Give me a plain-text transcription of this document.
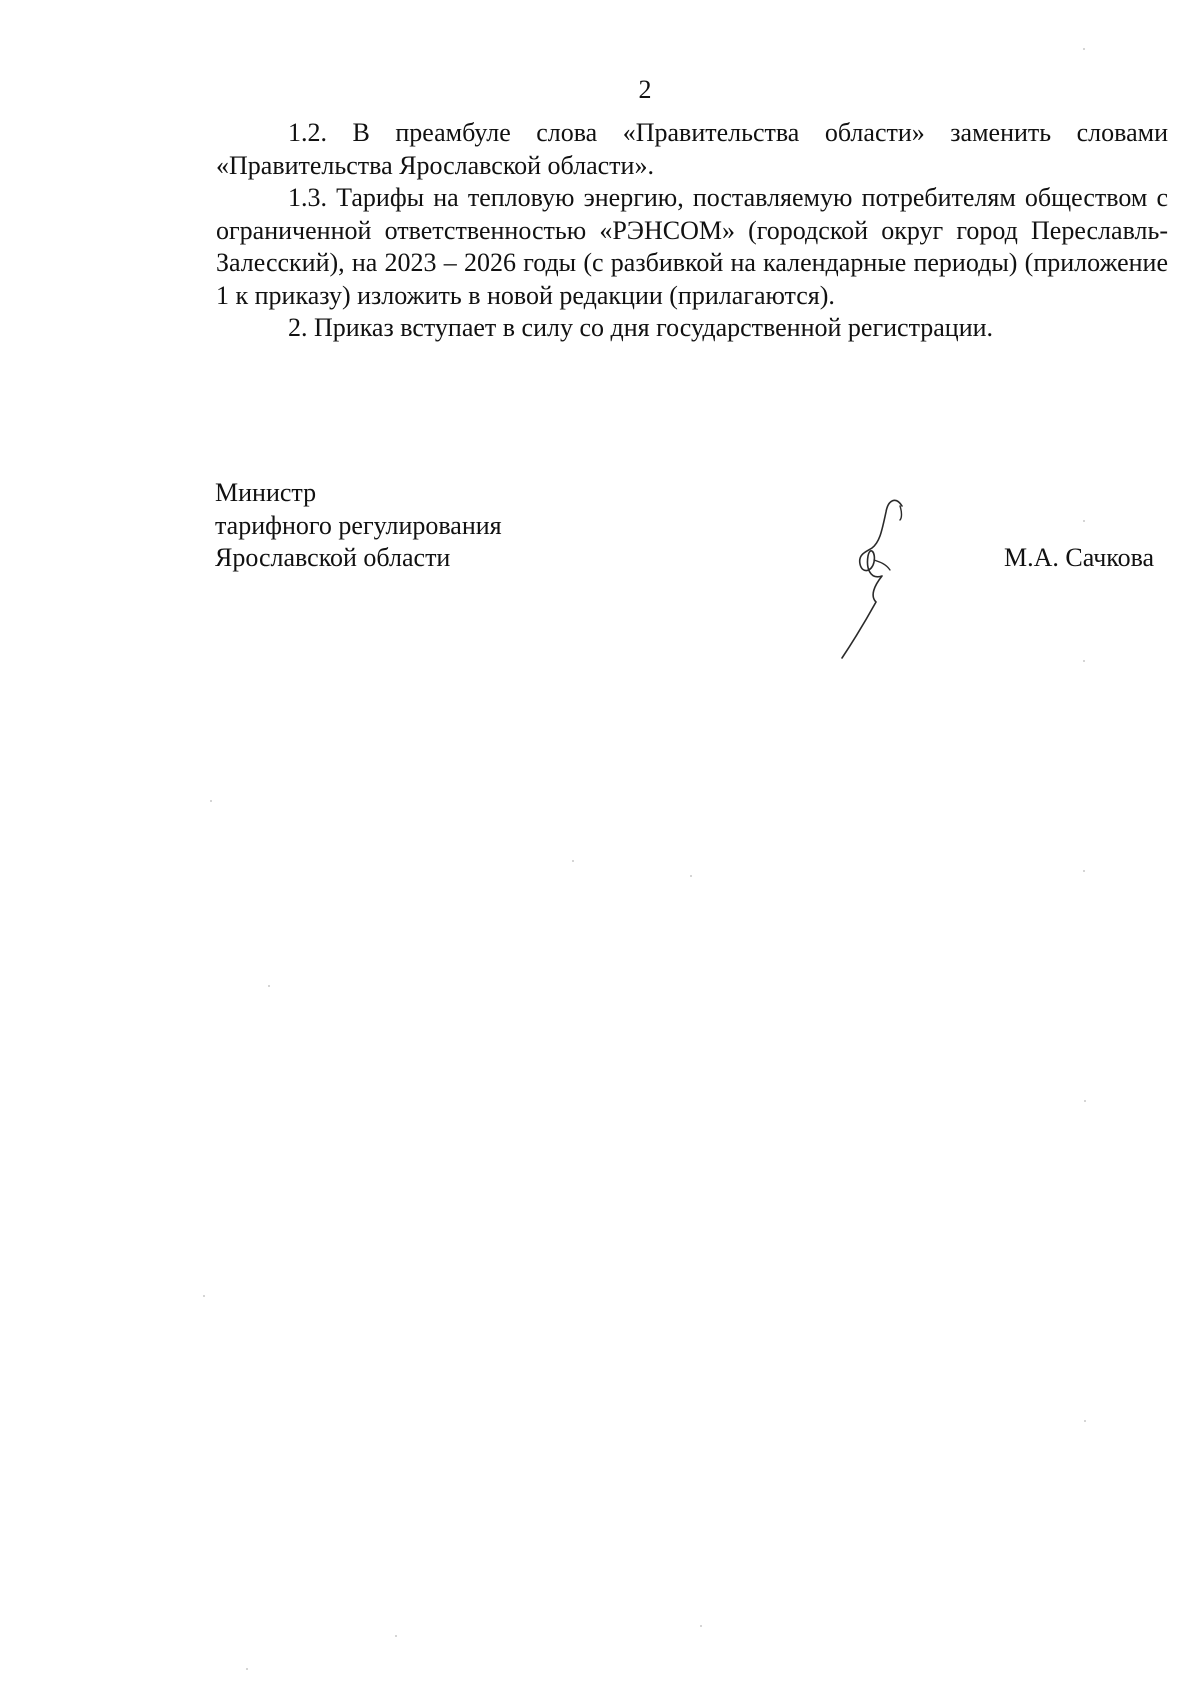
2

1.2. В преамбуле слова «Правительства области» заменить словами «Правительства Ярославской области».

1.3. Тарифы на тепловую энергию, поставляемую потребителям обществом с ограниченной ответственностью «РЭНСОМ» (городской округ город Переславль-Залесский), на 2023 – 2026 годы (с разбивкой на календарные периоды) (приложение 1 к приказу) изложить в новой редакции (прилагаются).

2. Приказ вступает в силу со дня государственной регистрации.

Министр
тарифного регулирования
Ярославской области	М.А. Сачкова
